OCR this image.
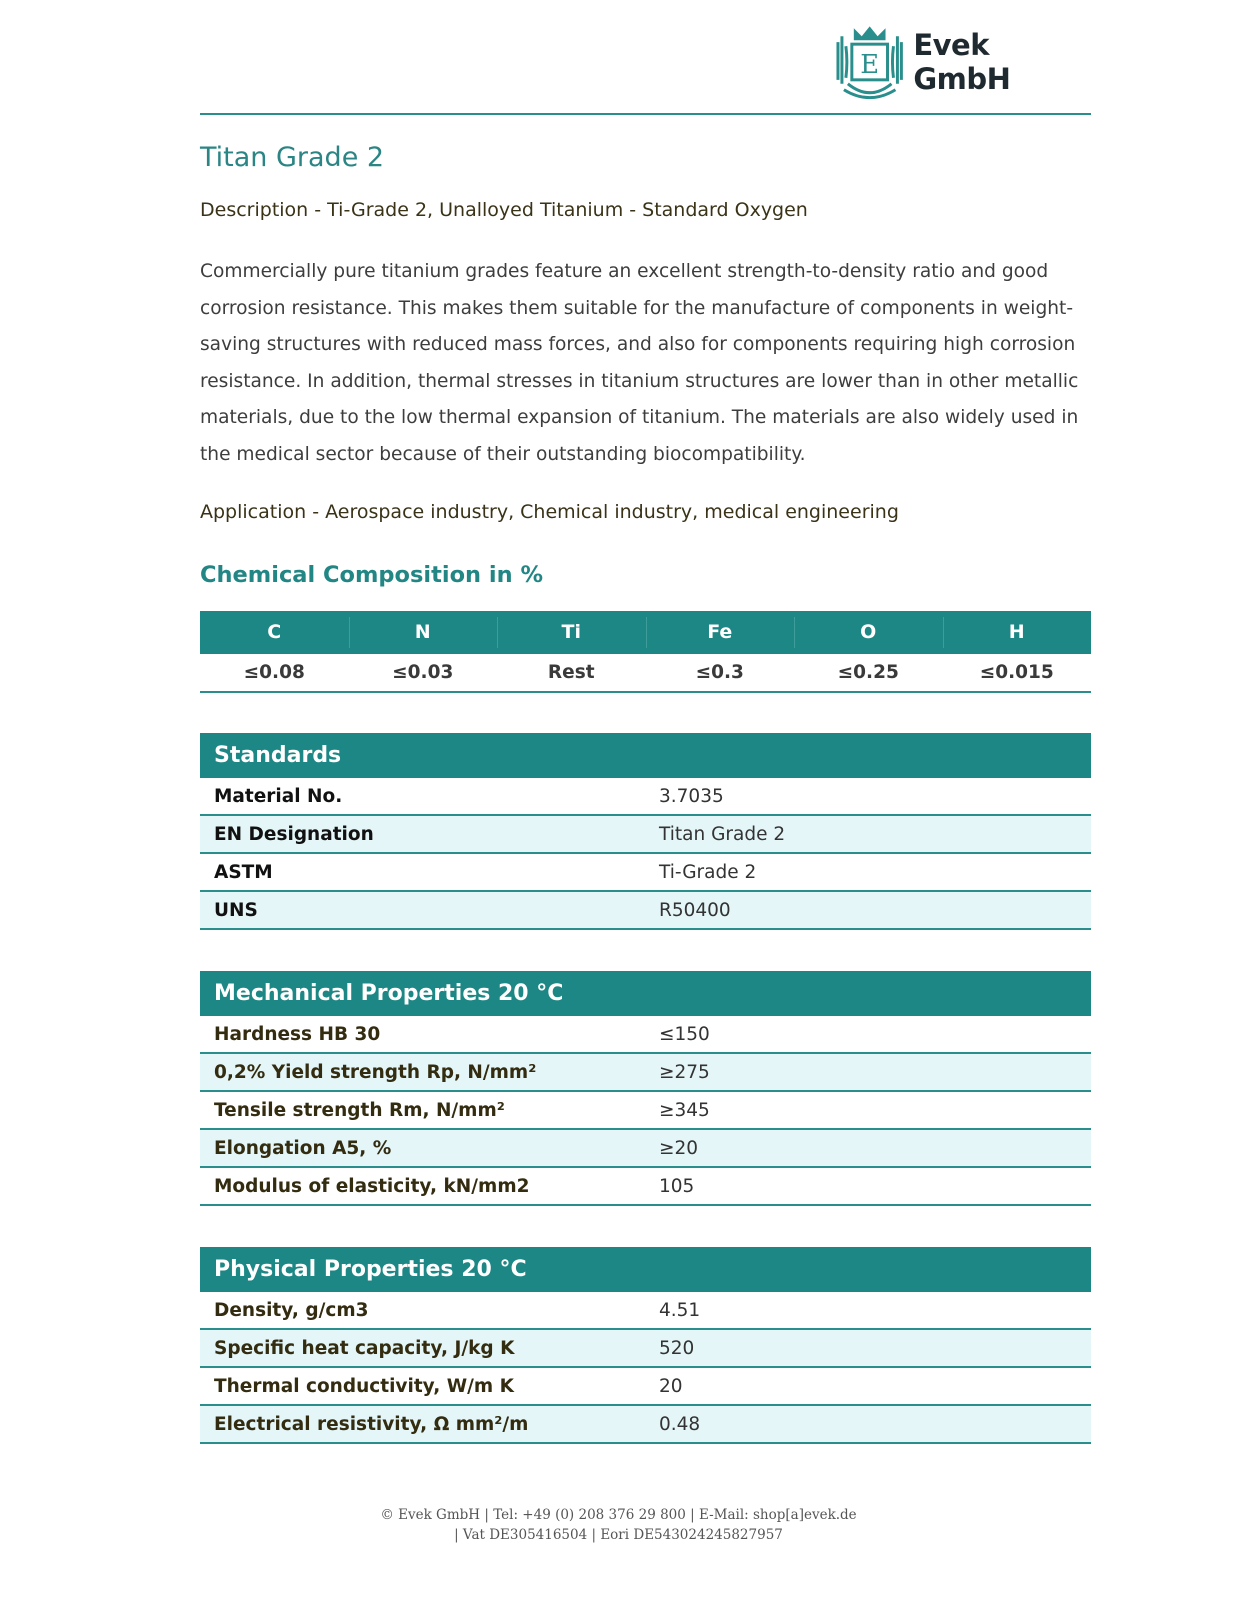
E
Evek GmbH
Titan Grade 2
Description - Ti-Grade 2, Unalloyed Titanium - Standard Oxygen
Commercially pure titanium grades feature an excellent strength-to-density ratio and good corrosion resistance. This makes them suitable for the manufacture of components in weight-saving structures with reduced mass forces, and also for components requiring high corrosion resistance. In addition, thermal stresses in titanium structures are lower than in other metallic materials, due to the low thermal expansion of titanium. The materials are also widely used in the medical sector because of their outstanding biocompatibility.
Application - Aerospace industry, Chemical industry, medical engineering
Chemical Composition in %
C	N	Ti	Fe	O	H
≤0.08	≤0.03	Rest	≤0.3	≤0.25	≤0.015
Standards
Material No.	3.7035
EN Designation	Titan Grade 2
ASTM	Ti-Grade 2
UNS	R50400
Mechanical Properties 20 °C
Hardness HB 30	≤150
0,2% Yield strength Rp, N/mm²	≥275
Tensile strength Rm, N/mm²	≥345
Elongation A5, %	≥20
Modulus of elasticity, kN/mm2	105
Physical Properties 20 °C
Density, g/cm3	4.51
Specific heat capacity, J/kg K	520
Thermal conductivity, W/m K	20
Electrical resistivity, Ω mm²/m	0.48
© Evek GmbH | Tel: +49 (0) 208 376 29 800 | E-Mail: shop[a]evek.de
| Vat DE305416504 | Eori DE543024245827957
